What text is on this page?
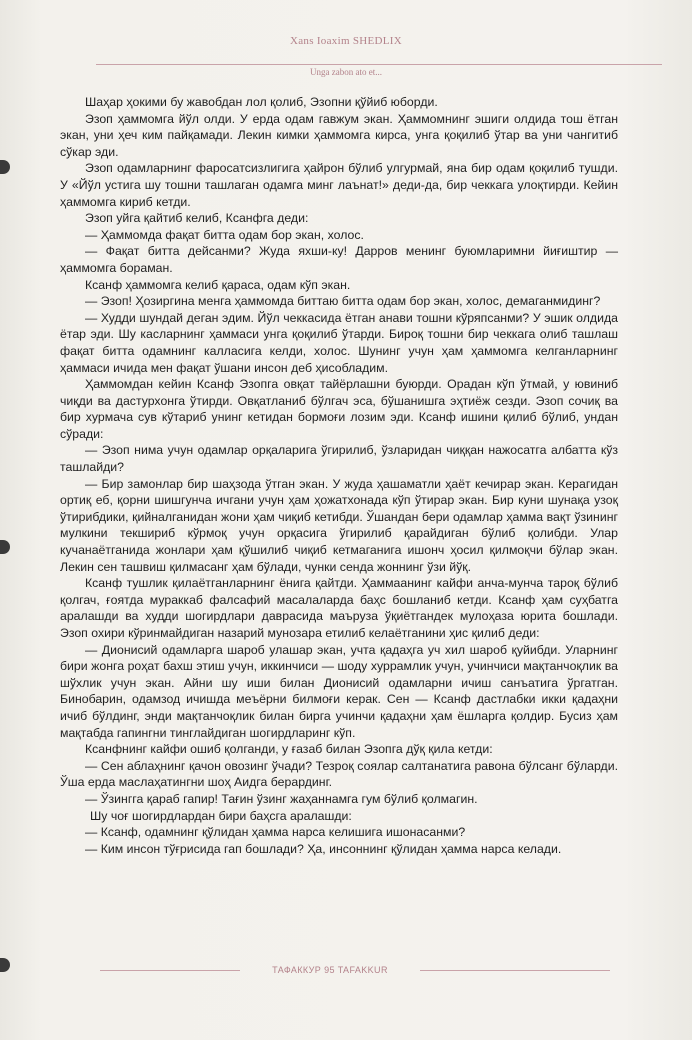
Xans Ioaxim SHEDLIX
Unga zabon ato et...

Шаҳар ҳокими бу жавобдан лол қолиб, Эзопни қўйиб юборди.

Эзоп ҳаммомга йўл олди. У ерда одам гавжум экан. Ҳаммомнинг эшиги олдида тош ётган экан, уни ҳеч ким пайқамади. Лекин кимки ҳаммомга кирса, унга қоқилиб ўтар ва уни чангитиб сўкар эди.

Эзоп одамларнинг фаросатсизлигига ҳайрон бўлиб улгурмай, яна бир одам қоқилиб тушди. У «Йўл устига шу тошни ташлаган одамга минг лаънат!» деди-да, бир чеккага улоқтирди. Кейин ҳаммомга кириб кетди.

Эзоп уйга қайтиб келиб, Ксанфга деди:

— Ҳаммомда фақат битта одам бор экан, холос.

— Фақат битта дейсанми? Жуда яхши-ку! Дарров менинг буюмларимни йиғиштир — ҳаммомга бораман.

Ксанф ҳаммомга келиб қараса, одам кўп экан.

— Эзоп! Ҳозиргина менга ҳаммомда биттаю битта одам бор экан, холос, демаганмидинг?

— Худди шундай деган эдим. Йўл чеккасида ётган анави тошни кўряпсанми? У эшик олдида ётар эди. Шу касларнинг ҳаммаси унга қоқилиб ўтарди. Бироқ тошни бир чеккага олиб ташлаш фақат битта одамнинг калласига келди, холос. Шунинг учун ҳам ҳаммомга келганларнинг ҳаммаси ичида мен фақат ўшани инсон деб ҳисобладим.

Ҳаммомдан кейин Ксанф Эзопга овқат тайёрлашни буюрди. Орадан кўп ўтмай, у ювиниб чиқди ва дастурхонга ўтирди. Овқатланиб бўлгач эса, бўшанишга эҳтиёж сезди. Эзоп сочиқ ва бир хурмача сув кўтариб унинг кетидан бормоғи лозим эди. Ксанф ишини қилиб бўлиб, ундан сўради:

— Эзоп нима учун одамлар орқаларига ўгирилиб, ўзларидан чиққан нажосатга албатта кўз ташлайди?

— Бир замонлар бир шаҳзода ўтган экан. У жуда ҳашаматли ҳаёт кечирар экан. Керагидан ортиқ еб, қорни шишгунча ичгани учун ҳам ҳожатхонада кўп ўтирар экан. Бир куни шунақа узоқ ўтирибдики, қийналганидан жони ҳам чиқиб кетибди. Ўшандан бери одамлар ҳамма вақт ўзининг мулкини текшириб кўрмоқ учун орқасига ўгирилиб қарайдиган бўлиб қолибди. Улар кучанаётганида жонлари ҳам қўшилиб чиқиб кетмаганига ишонч ҳосил қилмоқчи бўлар экан. Лекин сен ташвиш қилмасанг ҳам бўлади, чунки сенда жоннинг ўзи йўқ.

Ксанф тушлик қилаётганларнинг ёнига қайтди. Ҳаммаанинг кайфи анча-мунча тароқ бўлиб қолгач, ғоятда мураккаб фалсафий масалаларда баҳс бошланиб кетди. Ксанф ҳам суҳбатга аралашди ва худди шогирдлари даврасида маъруза ўқиётгандек мулоҳаза юрита бошлади. Эзоп охири кўринмайдиган назарий мунозара етилиб келаётганини ҳис қилиб деди:

— Дионисий одамларга шароб улашар экан, учта қадаҳга уч хил шароб қуйибди. Уларнинг бири жонга роҳат бахш этиш учун, иккинчиси — шоду хуррамлик учун, учинчиси мақтанчоқлик ва шўхлик учун экан. Айни шу иши билан Дионисий одамларни ичиш санъатига ўргатган. Бинобарин, одамзод ичишда меъёрни билмоғи керак. Сен — Ксанф дастлабки икки қадаҳни ичиб бўлдинг, энди мақтанчоқлик билан бирга учинчи қадаҳни ҳам ёшларга қолдир. Бусиз ҳам мақтабда гапингни тинглайдиган шогирдларинг кўп.

Ксанфнинг кайфи ошиб қолганди, у ғазаб билан Эзопга дўқ қила кетди:

— Сен аблаҳнинг қачон овозинг ўчади? Тезроқ соялар салтанатига равона бўлсанг бўларди. Ўша ерда маслаҳатингни шоҳ Аидга берардинг.

— Ўзингга қараб гапир! Тағин ўзинг жаҳаннамга гум бўлиб қолмагин.

Шу чоғ шогирдлардан бири баҳсга аралашди:

— Ксанф, одамнинг қўлидан ҳамма нарса келишига ишонасанми?

— Ким инсон тўғрисида гап бошлади? Ҳа, инсоннинг қўлидан ҳамма нарса келади.

ТАФАККУР 95 TAFAKKUR
